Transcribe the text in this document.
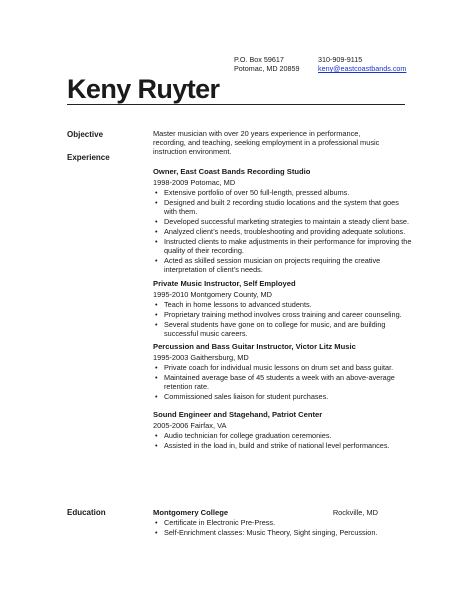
P.O. Box 59617
Potomac, MD 20859
310-909-9115
keny@eastcoastbands.com
Keny Ruyter
Objective	Master musician with over 20 years experience in performance, recording, and teaching, seeking employment in a professional music instruction environment.
Experience
Owner, East Coast Bands Recording Studio
1998-2009 Potomac, MD
• Extensive portfolio of over 50 full-length, pressed albums.
• Designed and built 2 recording studio locations and the system that goes with them.
• Developed successful marketing strategies to maintain a steady client base.
• Analyzed client’s needs, troubleshooting and providing adequate solutions.
• Instructed clients to make adjustments in their performance for improving the quality of their recording.
• Acted as skilled session musician on projects requiring the creative interpretation of client’s needs.
Private Music Instructor, Self Employed
1995-2010 Montgomery County, MD
• Teach in home lessons to advanced students.
• Proprietary training method involves cross training and career counseling.
• Several students have gone on to college for music, and are building successful music careers.
Percussion and Bass Guitar Instructor, Victor Litz Music
1995-2003 Gaithersburg, MD
• Private coach for individual music lessons on drum set and bass guitar.
• Maintained average base of 45 students a week with an above-average retention rate.
• Commissioned sales liaison for student purchases.
Sound Engineer and Stagehand, Patriot Center
2005-2006 Fairfax, VA
• Audio technician for college graduation ceremonies.
• Assisted in the load in, build and strike of national level performances.
Education	Montgomery College	Rockville, MD
• Certificate in Electronic Pre-Press.
• Self-Enrichment classes: Music Theory, Sight singing, Percussion.
